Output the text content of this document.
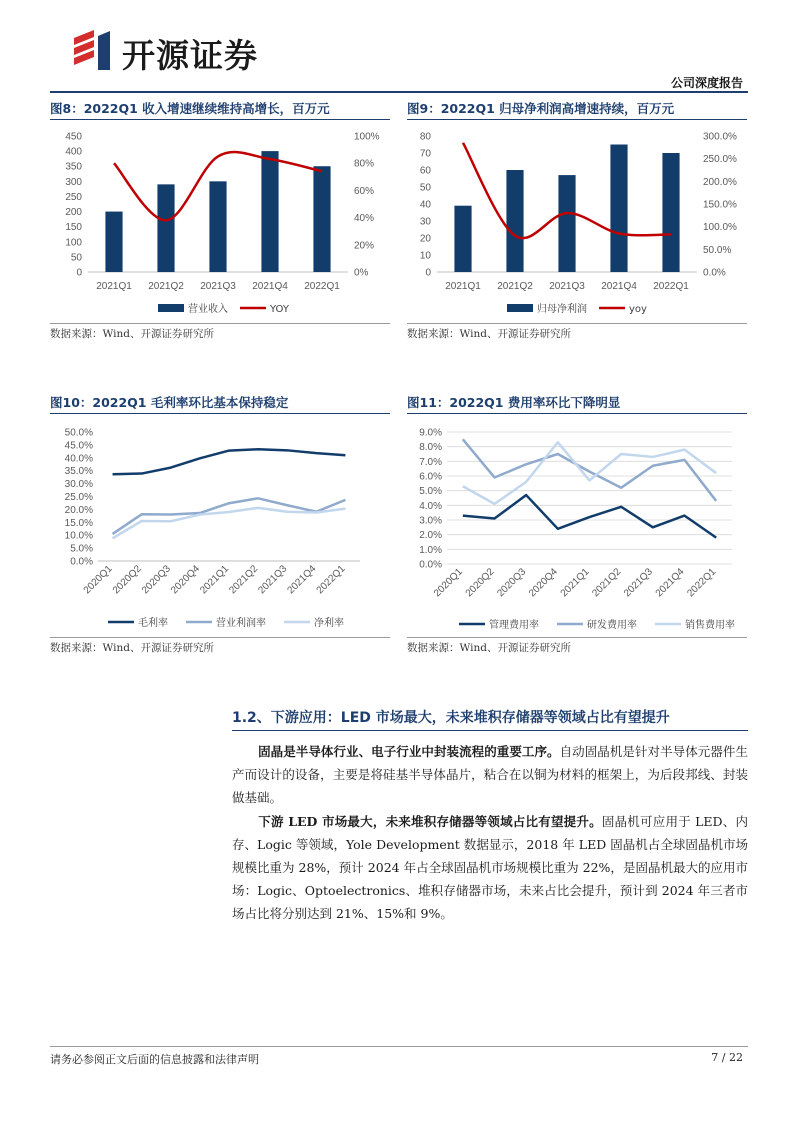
开源证券
公司深度报告
图8：2022Q1 收入增速继续维持高增长，百万元
0
50
100
150
200
250
300
350
400
450
0%
20%
40%
60%
80%
100%
2021Q1 2021Q2 2021Q3 2021Q4 2022Q1
营业收入	YOY
数据来源：Wind、开源证券研究所
图9：2022Q1 归母净利润高增速持续，百万元
0
10
20
30
40
50
60
70
80
0.0%
50.0%
100.0%
150.0%
200.0%
250.0%
300.0%
2021Q1 2021Q2 2021Q3 2021Q4 2022Q1
归母净利润	yoy
数据来源：Wind、开源证券研究所
图10：2022Q1 毛利率环比基本保持稳定
0.0%
5.0%
10.0%
15.0%
20.0%
25.0%
30.0%
35.0%
40.0%
45.0%
50.0%
2020Q1
2020Q2
2020Q3
2020Q4
2021Q1
2021Q2
2021Q3
2021Q4
2022Q1
毛利率	营业利润率	净利率
数据来源：Wind、开源证券研究所
图11：2022Q1 费用率环比下降明显
0.0%
1.0%
2.0%
3.0%
4.0%
5.0%
6.0%
7.0%
8.0%
9.0%
2020Q1
2020Q2
2020Q3
2020Q4
2021Q1
2021Q2
2021Q3
2021Q4
2022Q1
管理费用率	研发费用率	销售费用率
数据来源：Wind、开源证券研究所
1.2、下游应用：LED 市场最大，未来堆积存储器等领域占比有望提升

固晶是半导体行业、电子行业中封装流程的重要工序。自动固晶机是针对半导体元器件生产而设计的设备，主要是将硅基半导体晶片，粘合在以铜为材料的框架上，为后段邦线、封装做基础。

下游 LED 市场最大，未来堆积存储器等领域占比有望提升。固晶机可应用于 LED、内存、Logic 等领域，Yole Development 数据显示，2018 年 LED 固晶机占全球固晶机市场规模比重为 28%，预计 2024 年占全球固晶机市场规模比重为 22%，是固晶机最大的应用市场：Logic、Optoelectronics、堆积存储器市场，未来占比会提升，预计到 2024 年三者市场占比将分别达到 21%、15%和 9%。

请务必参阅正文后面的信息披露和法律声明	7 / 22
